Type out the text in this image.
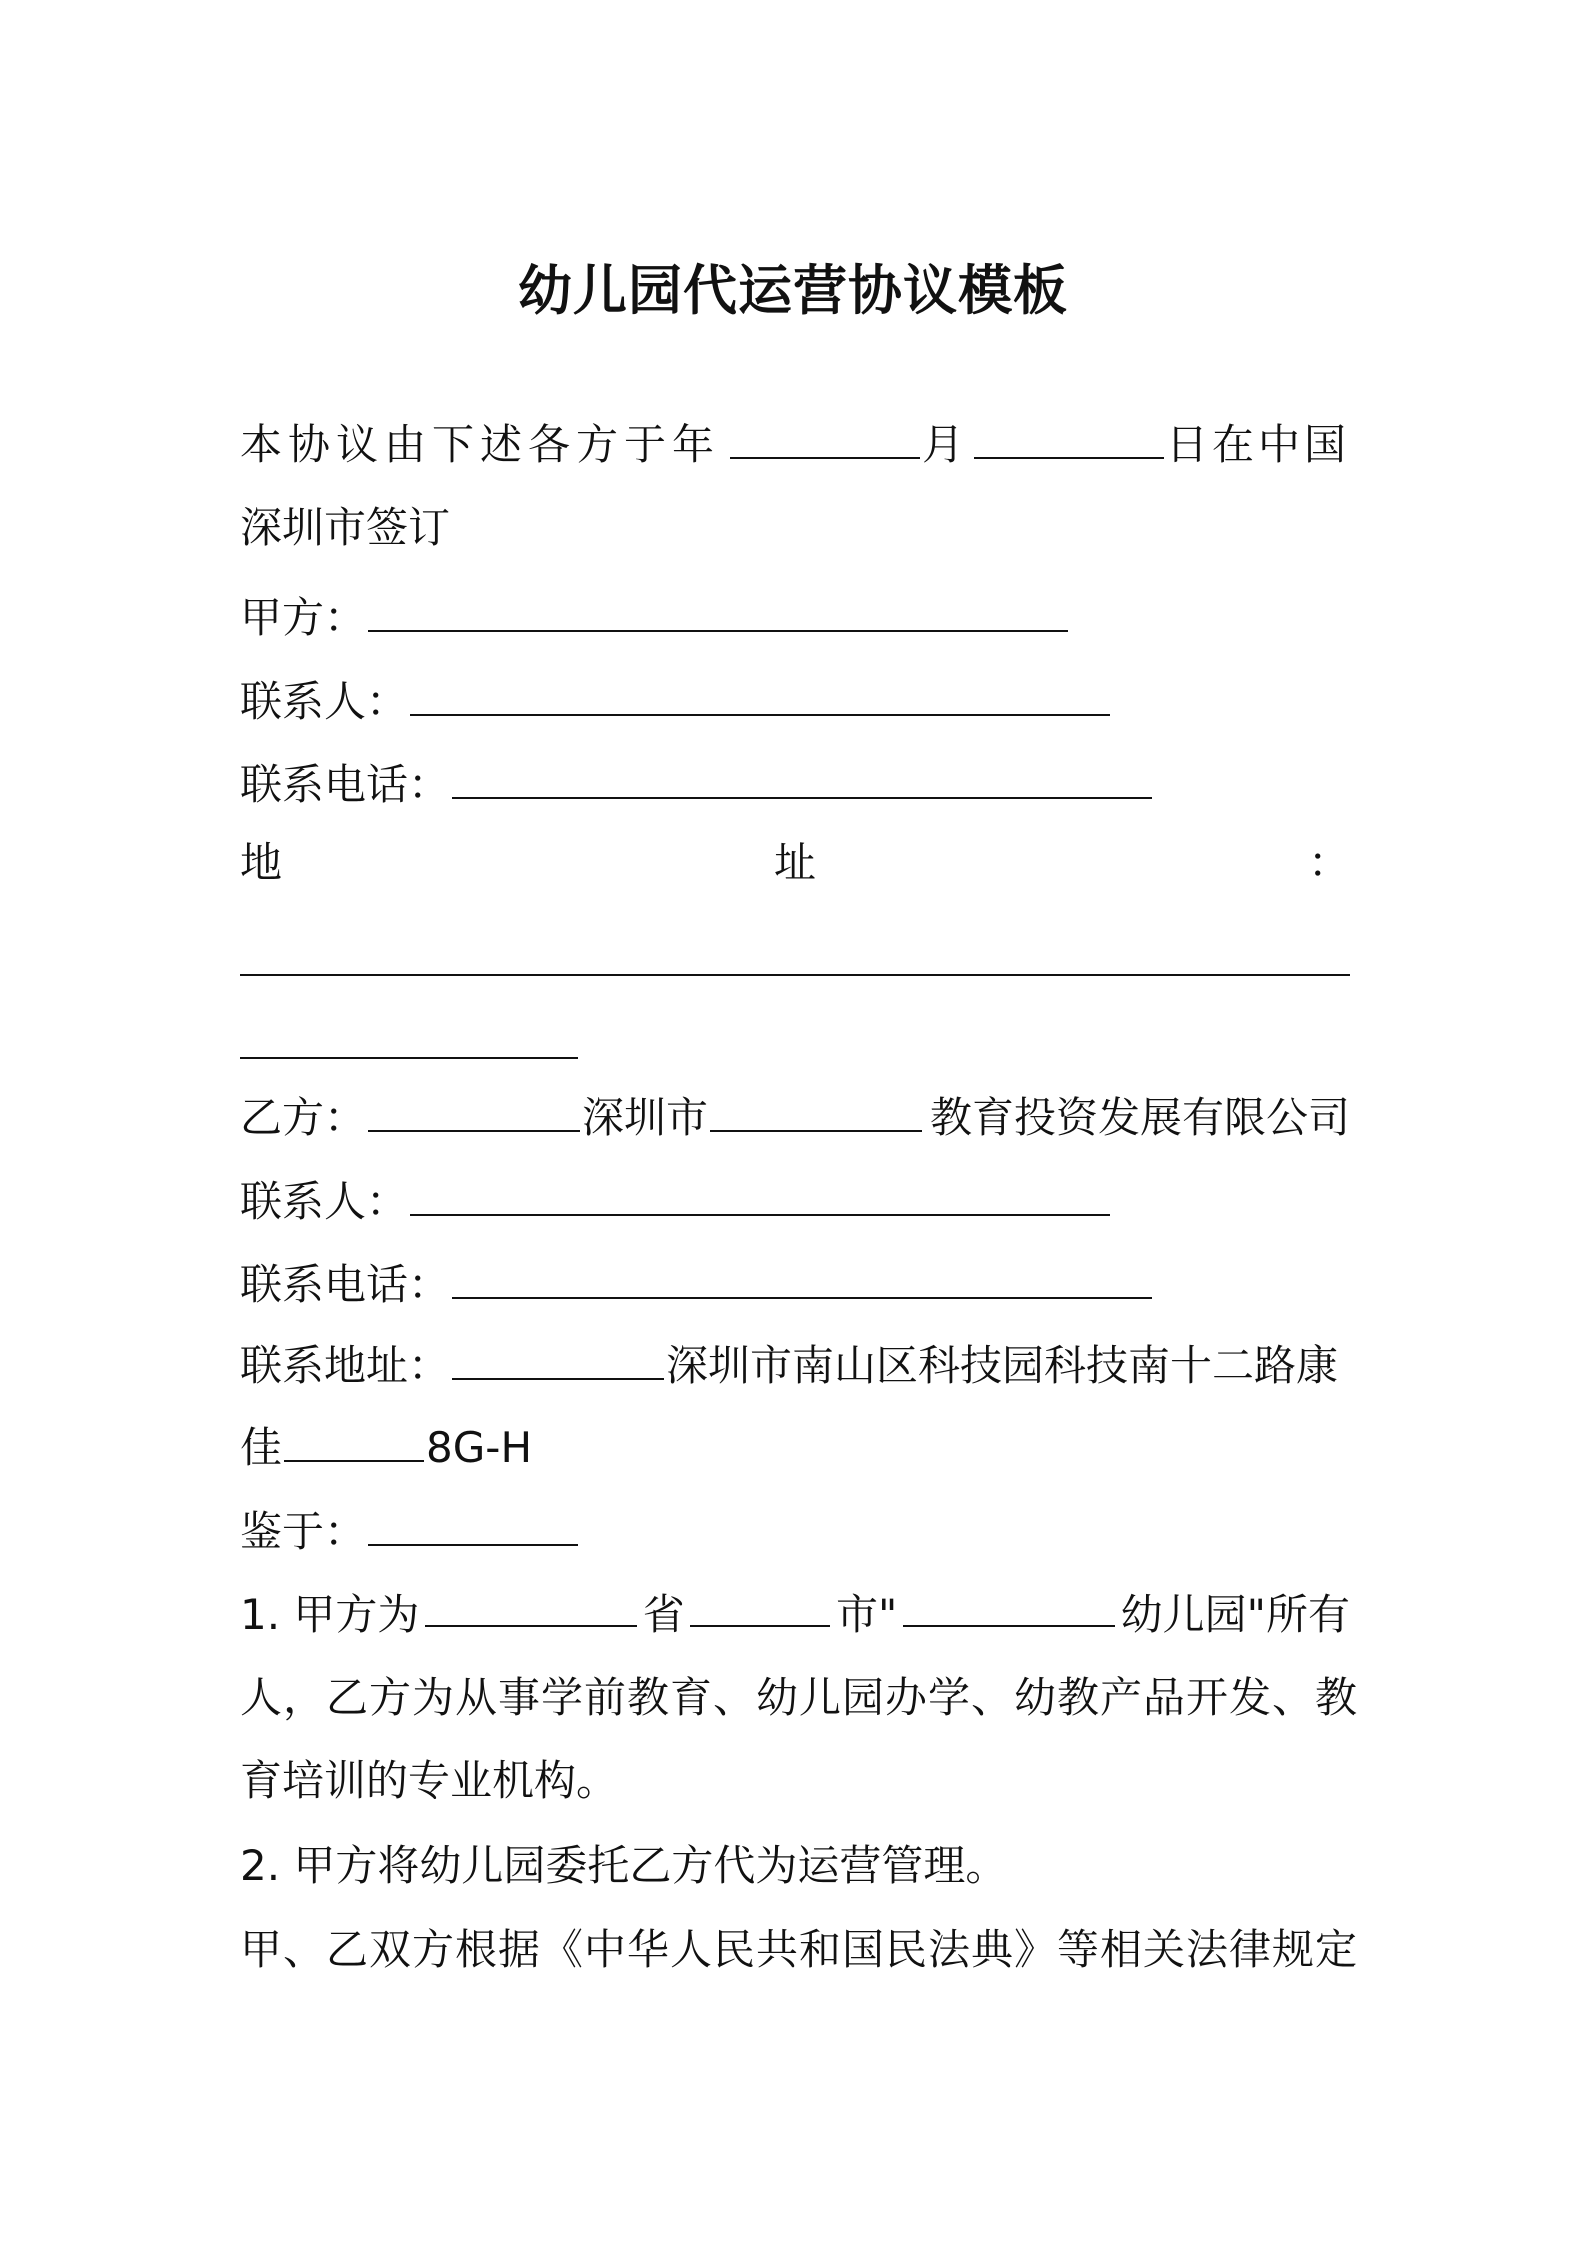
幼儿园代运营协议模板
本协议由下述各方于年	月	日在中国
深圳市签订
甲方：
联系人：
联系电话：
地	址	：
乙方：	深圳市	教育投资发展有限公司
联系人：
联系电话：
联系地址：	深圳市南山区科技园科技南十二路康
佳	8G-H
鉴于：
1. 甲方为	省	市"	幼儿园"所有
人，乙方为从事学前教育、幼儿园办学、幼教产品开发、教
育培训的专业机构。
2. 甲方将幼儿园委托乙方代为运营管理。
甲、乙双方根据《中华人民共和国民法典》等相关法律规定
